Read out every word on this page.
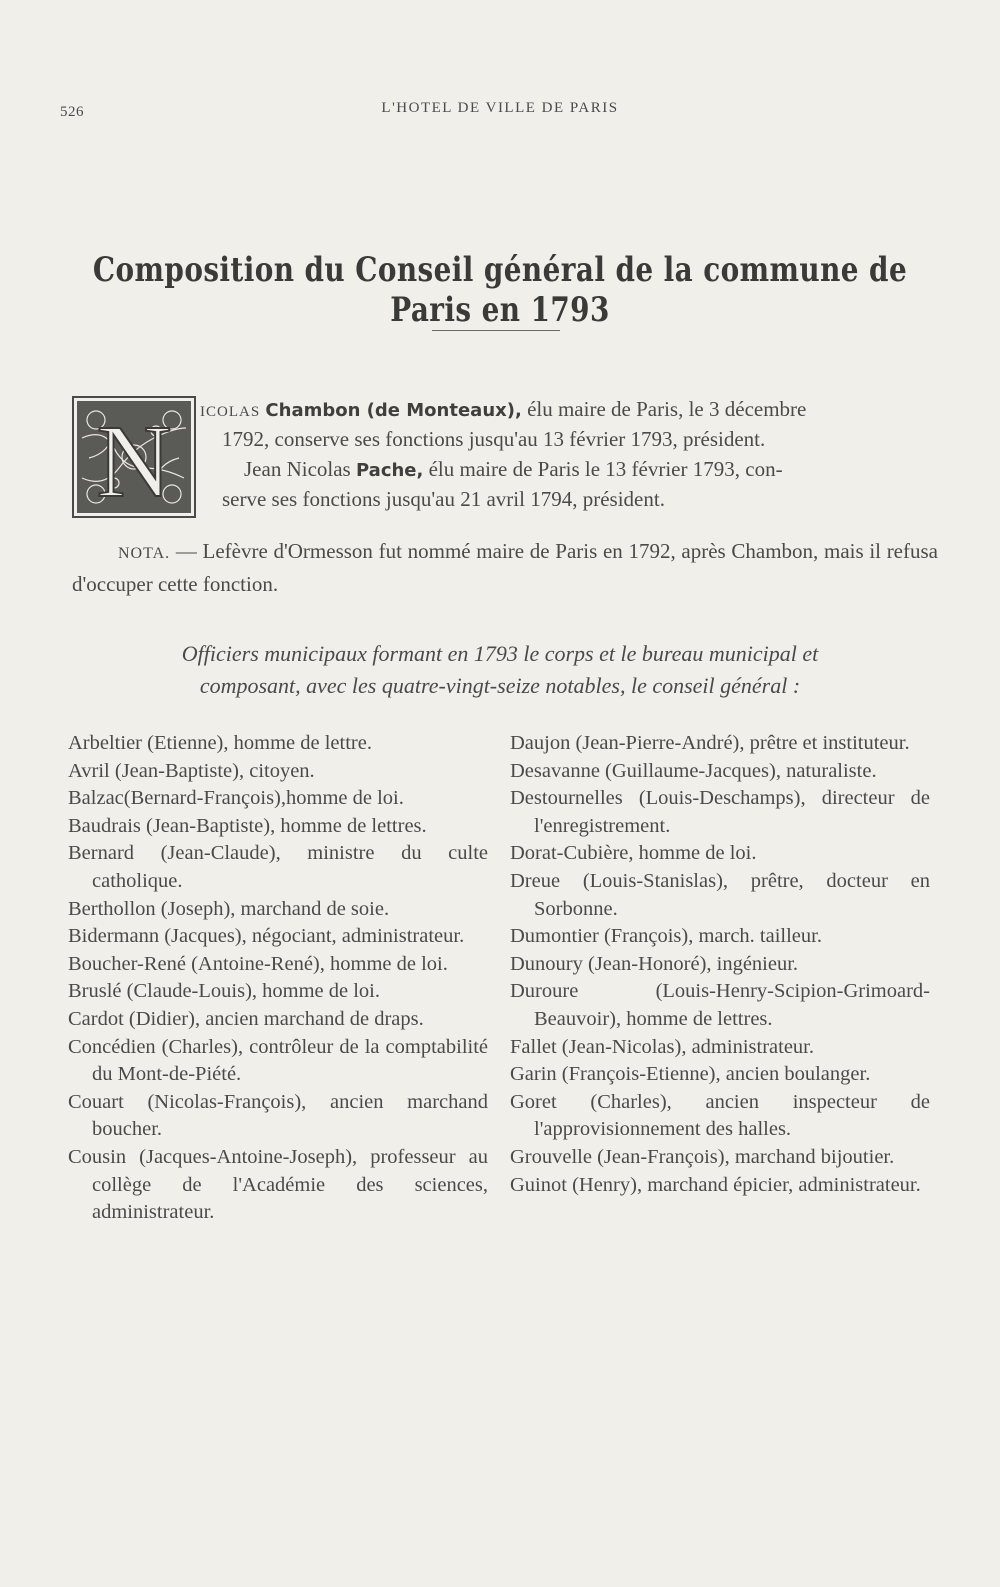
526	L'HOTEL DE VILLE DE PARIS
Composition du Conseil général de la commune de Paris en 1793
N ICOLAS Chambon (de Monteaux), élu maire de Paris, le 3 décembre
1792, conserve ses fonctions jusqu'au 13 février 1793, président.
Jean Nicolas Pache, élu maire de Paris le 13 février 1793, con-
serve ses fonctions jusqu'au 21 avril 1794, président.
NOTA. — Lefèvre d'Ormesson fut nommé maire de Paris en 1792, après Chambon, mais il refusa d'occuper cette fonction.
Officiers municipaux formant en 1793 le corps et le bureau municipal et
composant, avec les quatre-vingt-seize notables, le conseil général :
Arbeltier (Etienne), homme de lettre.
Avril (Jean-Baptiste), citoyen.
Balzac(Bernard-François),homme de loi.
Baudrais (Jean-Baptiste), homme de lettres.
Bernard (Jean-Claude), ministre du culte catholique.
Berthollon (Joseph), marchand de soie.
Bidermann (Jacques), négociant, administrateur.
Boucher-René (Antoine-René), homme de loi.
Bruslé (Claude-Louis), homme de loi.
Cardot (Didier), ancien marchand de draps.
Concédien (Charles), contrôleur de la comptabilité du Mont-de-Piété.
Couart (Nicolas-François), ancien marchand boucher.
Cousin (Jacques-Antoine-Joseph), professeur au collège de l'Académie des sciences, administrateur.
Daujon (Jean-Pierre-André), prêtre et instituteur.
Desavanne (Guillaume-Jacques), naturaliste.
Destournelles (Louis-Deschamps), directeur de l'enregistrement.
Dorat-Cubière, homme de loi.
Dreue (Louis-Stanislas), prêtre, docteur en Sorbonne.
Dumontier (François), march. tailleur.
Dunoury (Jean-Honoré), ingénieur.
Duroure (Louis-Henry-Scipion-Grimoard-Beauvoir), homme de lettres.
Fallet (Jean-Nicolas), administrateur.
Garin (François-Etienne), ancien boulanger.
Goret (Charles), ancien inspecteur de l'approvisionnement des halles.
Grouvelle (Jean-François), marchand bijoutier.
Guinot (Henry), marchand épicier, administrateur.
